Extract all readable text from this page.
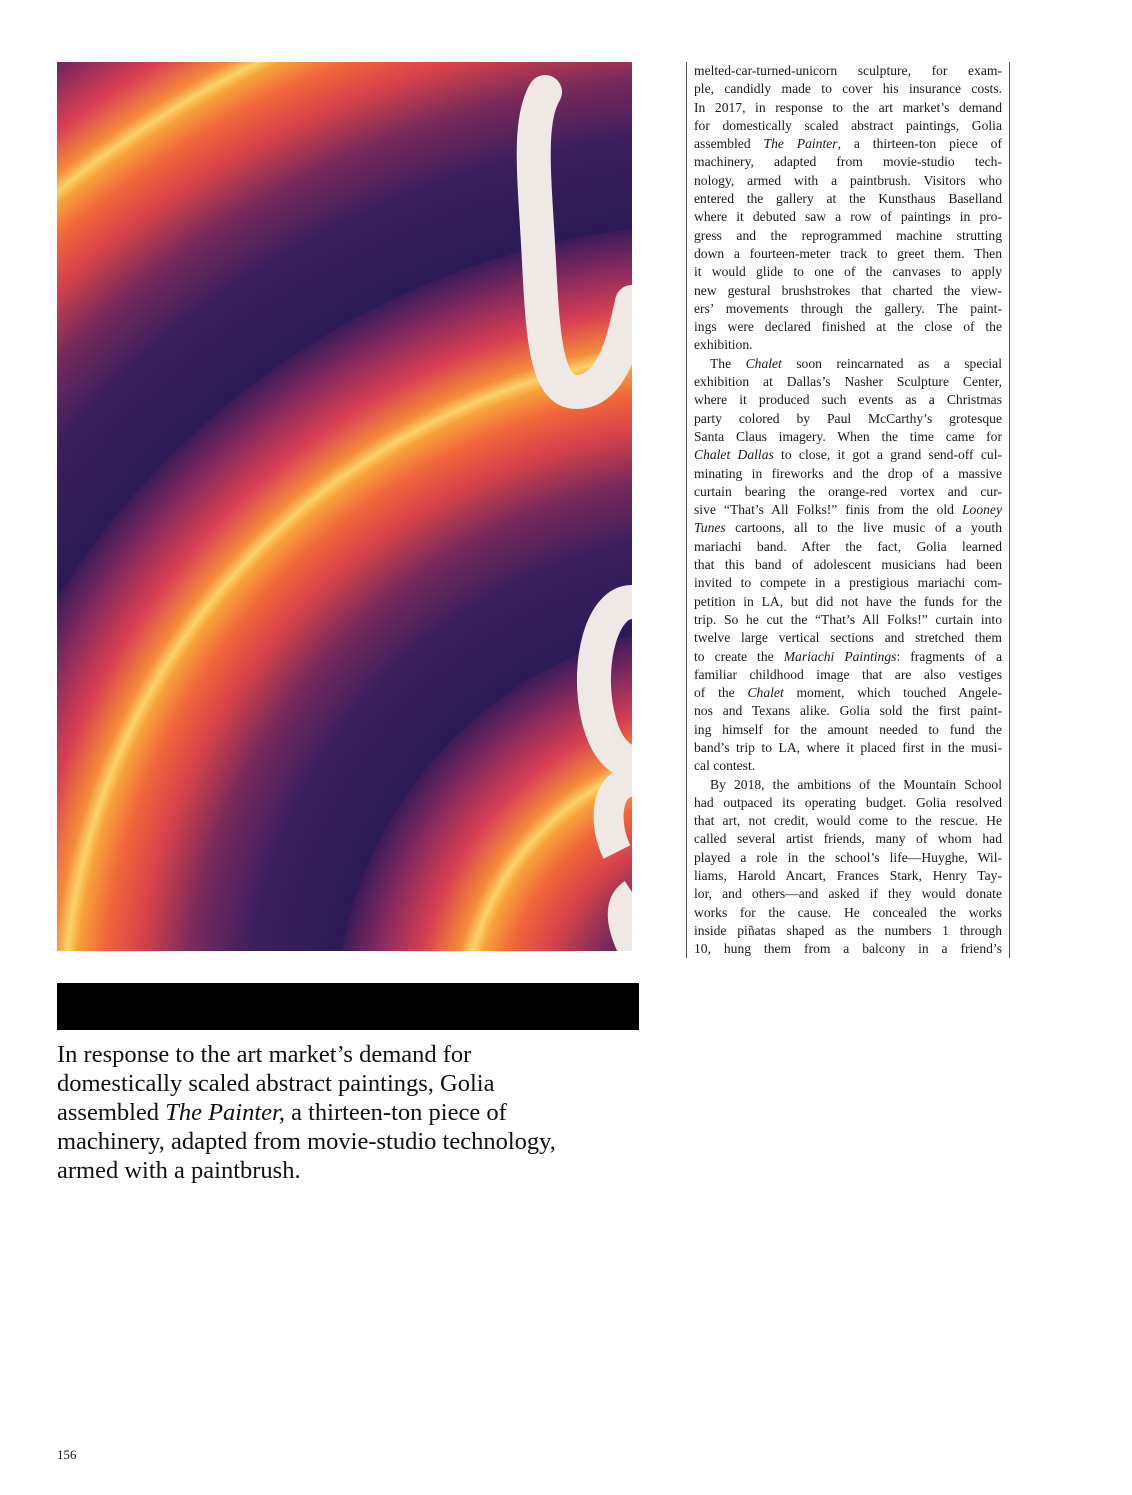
melted-car-turned-unicorn sculpture, for exam-
ple, candidly made to cover his insurance costs.
In 2017, in response to the art market’s demand
for domestically scaled abstract paintings, Golia
assembled The Painter, a thirteen-ton piece of
machinery, adapted from movie-studio tech-
nology, armed with a paintbrush. Visitors who
entered the gallery at the Kunsthaus Baselland
where it debuted saw a row of paintings in pro-
gress and the reprogrammed machine strutting
down a fourteen-meter track to greet them. Then
it would glide to one of the canvases to apply
new gestural brushstrokes that charted the view-
ers’ movements through the gallery. The paint-
ings were declared finished at the close of the
exhibition.
The Chalet soon reincarnated as a special
exhibition at Dallas’s Nasher Sculpture Center,
where it produced such events as a Christmas
party colored by Paul McCarthy’s grotesque
Santa Claus imagery. When the time came for
Chalet Dallas to close, it got a grand send-off cul-
minating in fireworks and the drop of a massive
curtain bearing the orange-red vortex and cur-
sive “That’s All Folks!” finis from the old Looney
Tunes cartoons, all to the live music of a youth
mariachi band. After the fact, Golia learned
that this band of adolescent musicians had been
invited to compete in a prestigious mariachi com-
petition in LA, but did not have the funds for the
trip. So he cut the “That’s All Folks!” curtain into
twelve large vertical sections and stretched them
to create the Mariachi Paintings: fragments of a
familiar childhood image that are also vestiges
of the Chalet moment, which touched Angele-
nos and Texans alike. Golia sold the first paint-
ing himself for the amount needed to fund the
band’s trip to LA, where it placed first in the musi-
cal contest.
By 2018, the ambitions of the Mountain School
had outpaced its operating budget. Golia resolved
that art, not credit, would come to the rescue. He
called several artist friends, many of whom had
played a role in the school’s life—Huyghe, Wil-
liams, Harold Ancart, Frances Stark, Henry Tay-
lor, and others—and asked if they would donate
works for the cause. He concealed the works
inside piñatas shaped as the numbers 1 through
10, hung them from a balcony in a friend’s
In response to the art market’s demand for
domestically scaled abstract paintings, Golia
assembled The Painter, a thirteen-ton piece of
machinery, adapted from movie-studio technology,
armed with a paintbrush.
156
